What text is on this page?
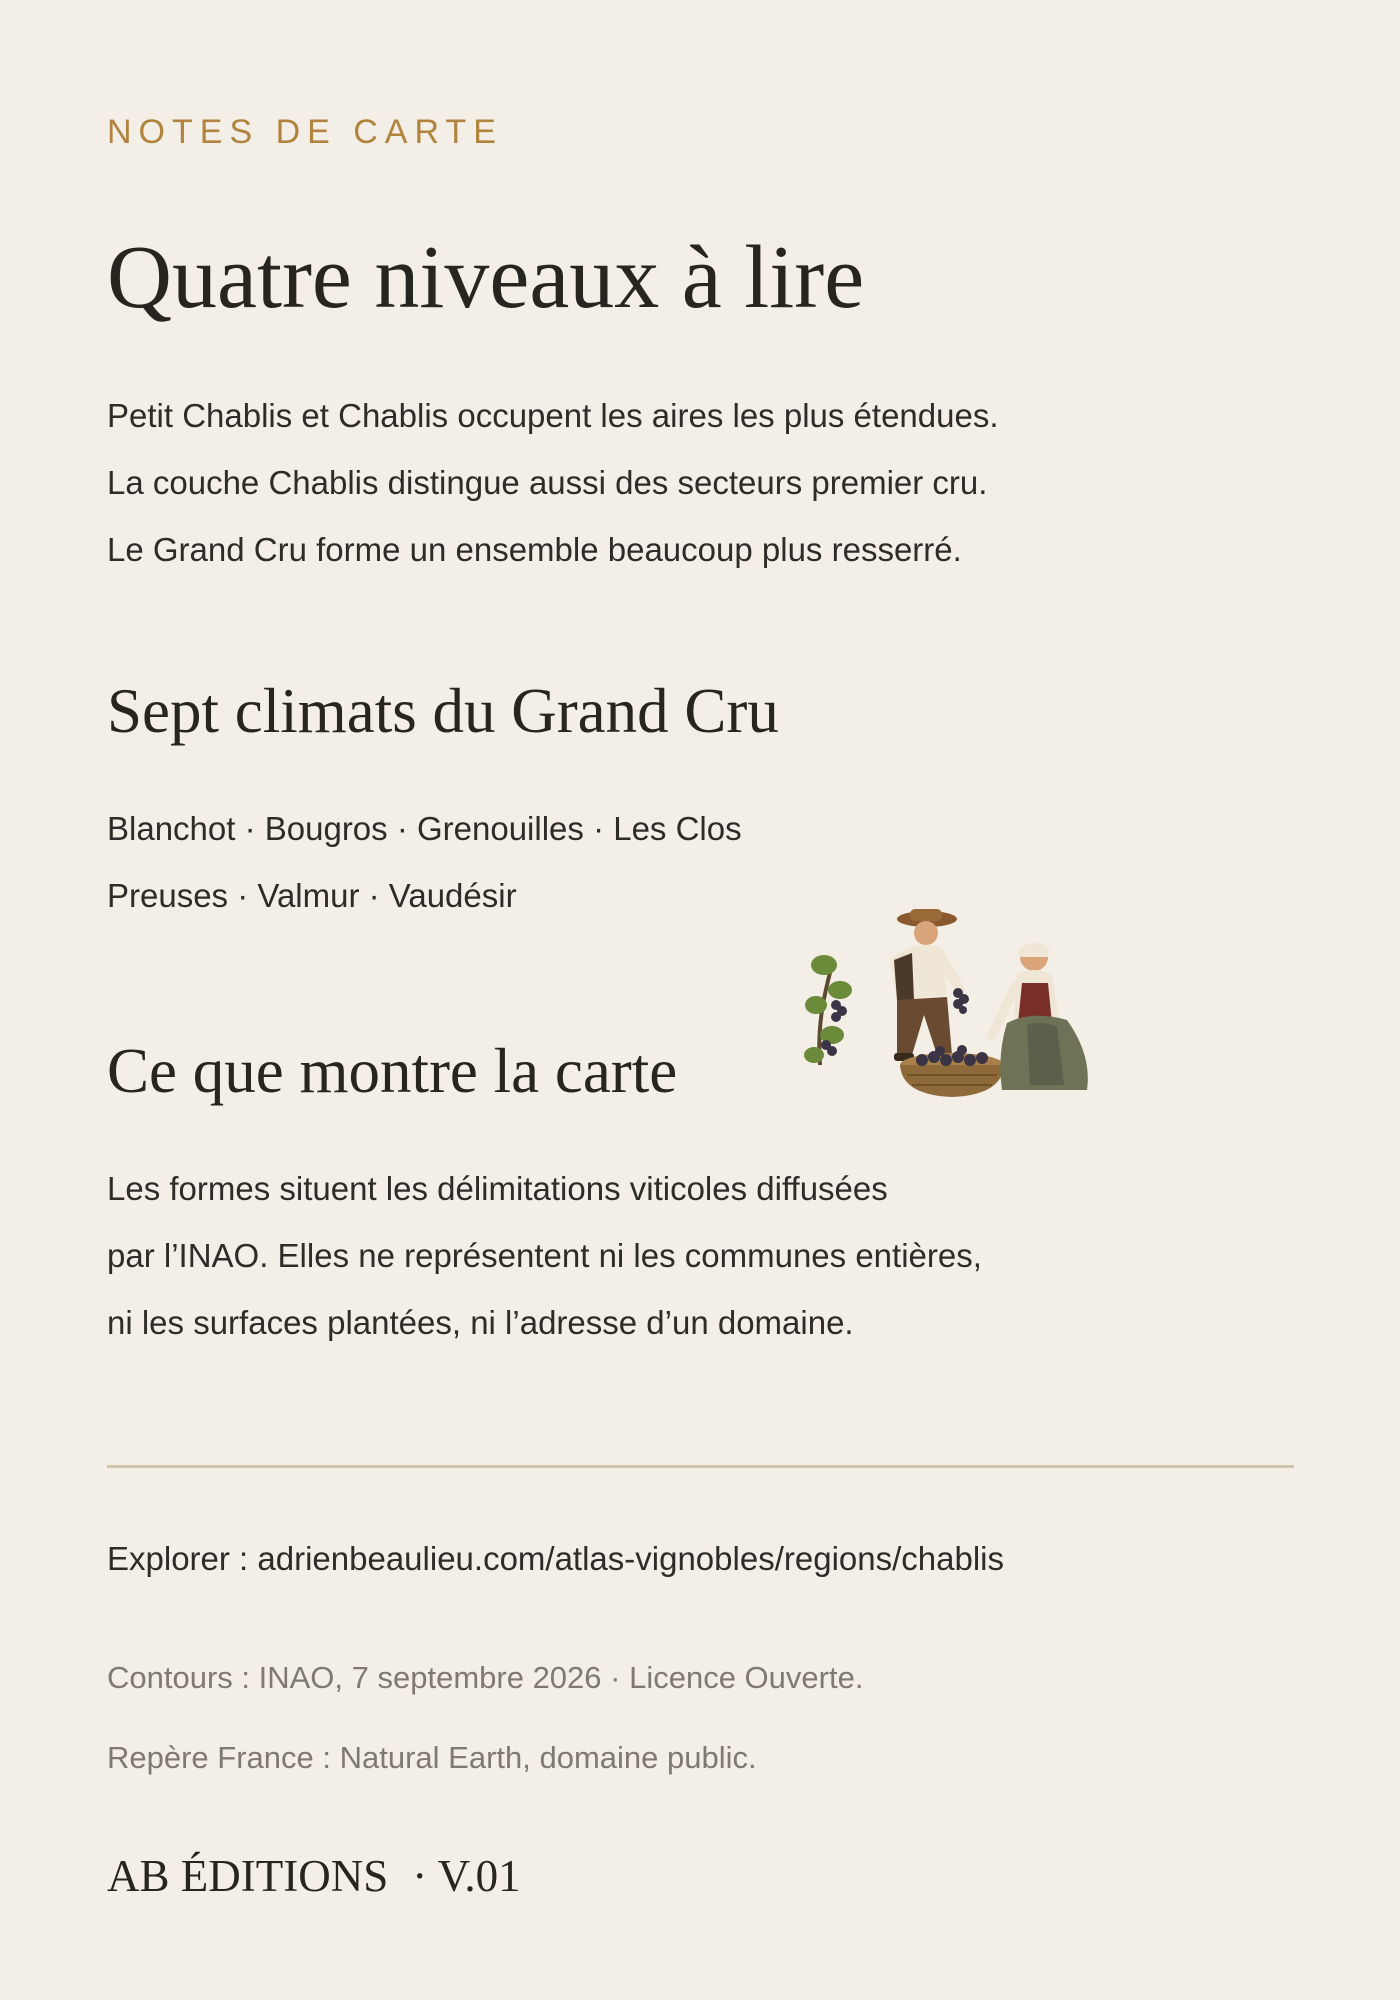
NOTES DE CARTE
Quatre niveaux à lire

Petit Chablis et Chablis occupent les aires les plus étendues.

La couche Chablis distingue aussi des secteurs premier cru.

Le Grand Cru forme un ensemble beaucoup plus resserré.

Sept climats du Grand Cru

Blanchot · Bougros · Grenouilles · Les Clos

Preuses · Valmur · Vaudésir

Ce que montre la carte

Les formes situent les délimitations viticoles diffusées

par l’INAO. Elles ne représentent ni les communes entières,

ni les surfaces plantées, ni l’adresse d’un domaine.

Explorer : adrienbeaulieu.com/atlas-vignobles/regions/chablis
Contours : INAO, 7 septembre 2026 · Licence Ouverte.
Repère France : Natural Earth, domaine public.
AB ÉDITIONS · V.01
